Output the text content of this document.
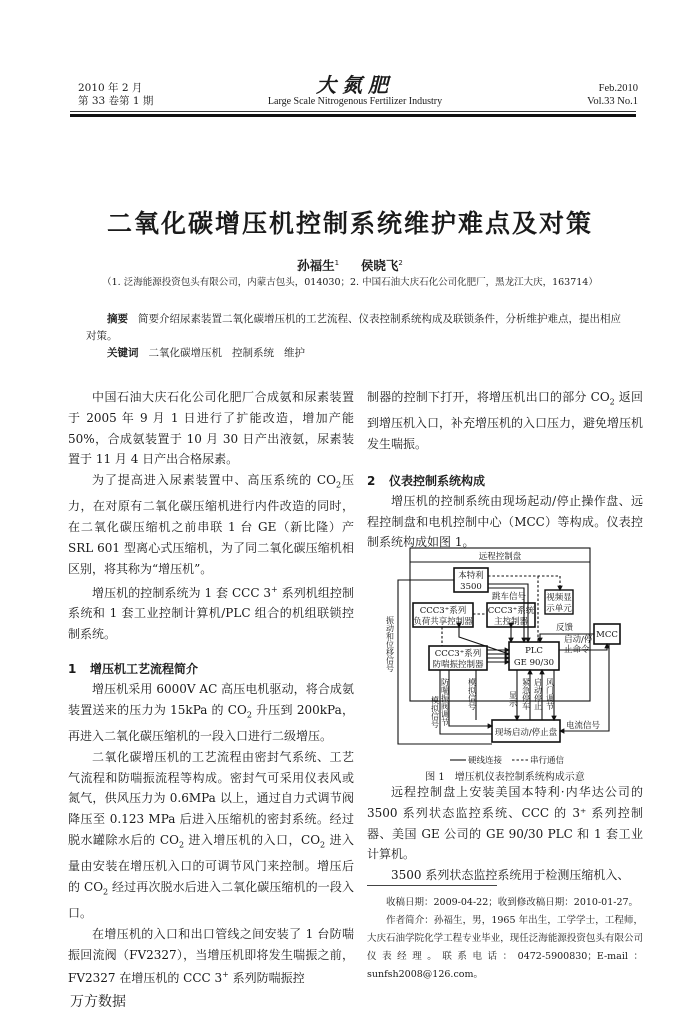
2010 年 2 月
第 33 卷第 1 期
大氮肥
Large Scale Nitrogenous Fertilizer Industry
Feb.2010
Vol.33 No.1
二氧化碳增压机控制系统维护难点及对策
孙福生$^1$ 侯晓飞$^2$
（1. 泛海能源投资包头有限公司，内蒙古包头，014030；2. 中国石油大庆石化公司化肥厂，黑龙江大庆，163714）
摘要 简要介绍尿素装置二氧化碳增压机的工艺流程、仪表控制系统构成及联锁条件，分析维护难点，提出相应对策。
关键词 二氧化碳增压机 控制系统 维护

中国石油大庆石化公司化肥厂合成氨和尿素装置于 2005 年 9 月 1 日进行了扩能改造，增加产能 50%，合成氨装置于 10 月 30 日产出液氨，尿素装置于 11 月 4 日产出合格尿素。

为了提高进入尿素装置中、高压系统的 $CO_2$压力，在对原有二氧化碳压缩机进行内件改造的同时，在二氧化碳压缩机之前串联 1 台 GE（新比隆）产 SRL 601 型离心式压缩机，为了同二氧化碳压缩机相区别，将其称为“增压机”。

增压机的控制系统为 1 套 CCC 3+ 系列机组控制系统和 1 套工业控制计算机/PLC 组合的机组联锁控制系统。

1 增压机工艺流程简介

增压机采用 6000V AC 高压电机驱动，将合成氨装置送来的压力为 15kPa 的 $CO_2$ 升压到 200kPa，再进入二氧化碳压缩机的一段入口进行二级增压。

二氧化碳增压机的工艺流程由密封气系统、工艺气流程和防喘振流程等构成。密封气可采用仪表风或氮气，供风压力为 0.6MPa 以上，通过自力式调节阀降压至 0.123 MPa 后进入压缩机的密封系统。经过脱水罐除水后的 $CO_2$ 进入增压机的入口，$CO_2$ 进入量由安装在增压机入口的可调节风门来控制。增压后的 $CO_2$ 经过再次脱水后进入二氧化碳压缩机的一段入口。

在增压机的入口和出口管线之间安装了 1 台防喘振回流阀（FV2327），当增压机即将发生喘振之前，FV2327 在增压机的 CCC 3+ 系列防喘振控

制器的控制下打开，将增压机出口的部分 $CO_2$ 返回到增压机入口，补充增压机的入口压力，避免增压机发生喘振。

2 仪表控制系统构成

增压机的控制系统由现场起动/停止操作盘、远程控制盘和电机控制中心（MCC）等构成。仪表控制系统构成如图 1。

远程控制盘
本特利
3500
跳车信号 视频显
示单元
CCC3⁺系列
负荷共享控制器
CCC3⁺系统
主控制器
反馈
MCC
启动/停
止命令
CCC3⁺系列
防喘振控制器
PLC
GE 90/30
电流信号
现场启动/停止盘
硬线连接	串行通信
振动和位移信号
模拟信号 防喘振阀调节 模拟信号	显示 紧急停车 启动停止 风门调节
图 1　增压机仪表控制系统构成示意

远程控制盘上安装美国本特利·内华达公司的 3500 系列状态监控系统、CCC 的 3⁺ 系列控制器、美国 GE 公司的 GE 90/30 PLC 和 1 套工业计算机。

3500 系列状态监控系统用于检测压缩机入、

收稿日期：2009-04-22；收到修改稿日期：2010-01-27。

作者简介：孙福生，男，1965 年出生，工学学士，工程师，大庆石油学院化学工程专业毕业，现任泛海能源投资包头有限公司仪表经理。联系电话：0472-5900830；E-mail：sunfsh2008@126.com。

万方数据
